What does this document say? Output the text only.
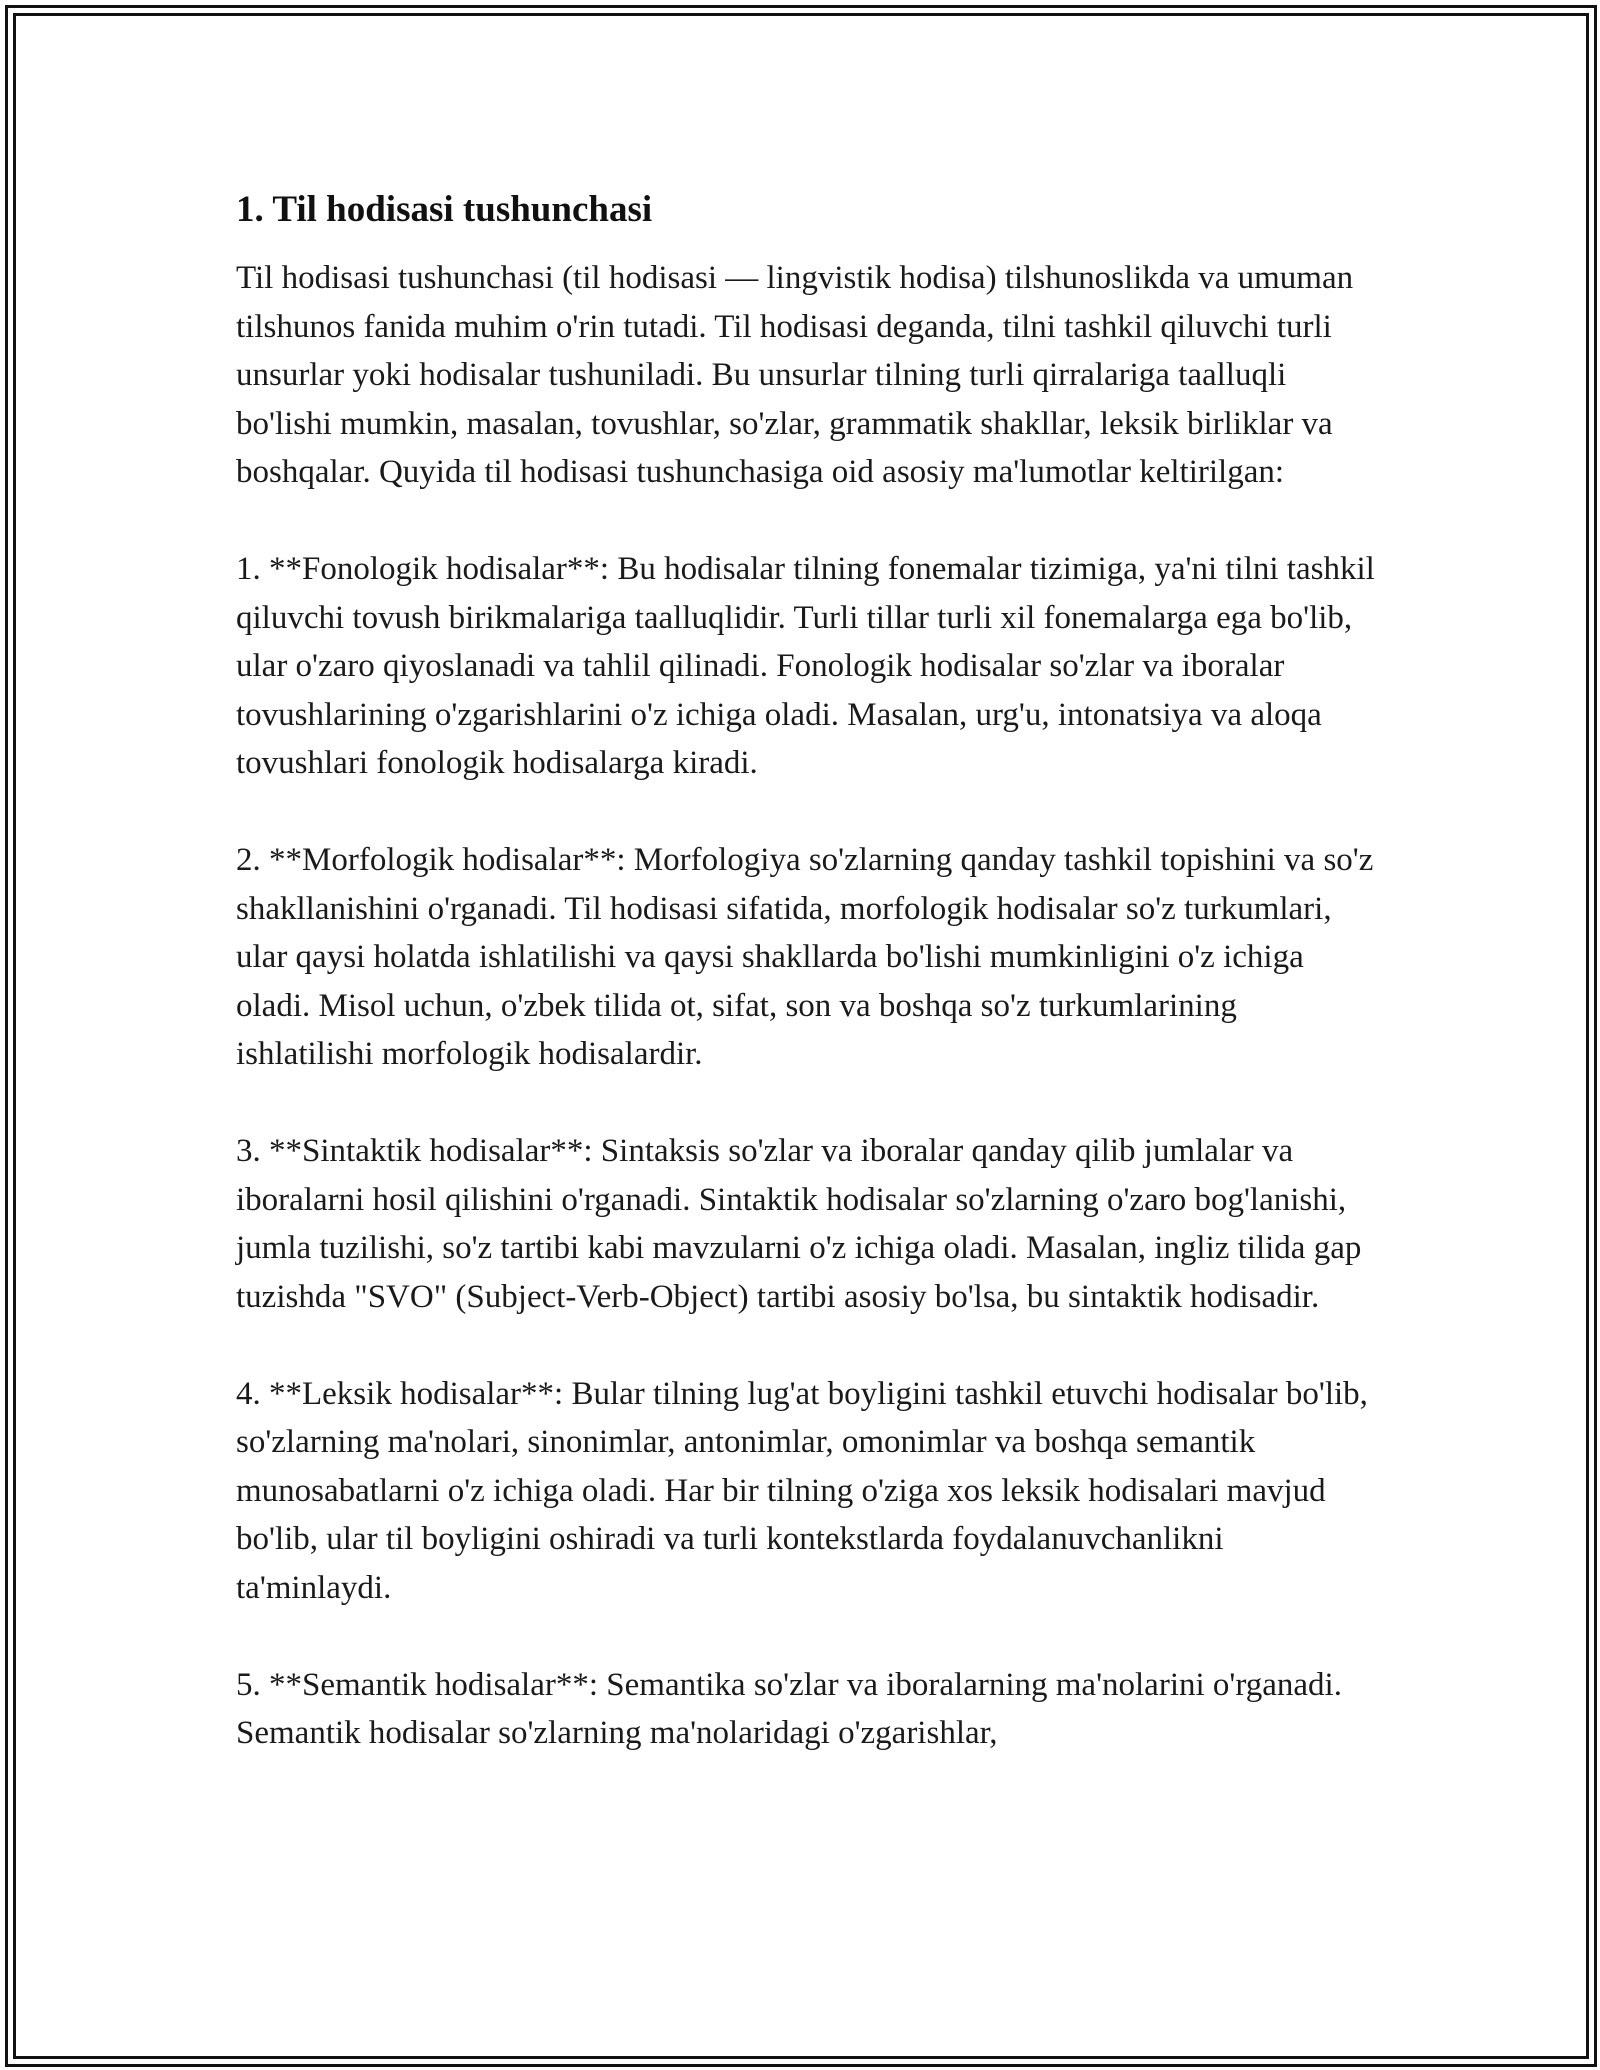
1. Til hodisasi tushunchasi

Til hodisasi tushunchasi (til hodisasi — lingvistik hodisa) tilshunoslikda va umuman tilshunos fanida muhim o'rin tutadi. Til hodisasi deganda, tilni tashkil qiluvchi turli unsurlar yoki hodisalar tushuniladi. Bu unsurlar tilning turli qirralariga taalluqli bo'lishi mumkin, masalan, tovushlar, so'zlar, grammatik shakllar, leksik birliklar va boshqalar. Quyida til hodisasi tushunchasiga oid asosiy ma'lumotlar keltirilgan:

1. **Fonologik hodisalar**: Bu hodisalar tilning fonemalar tizimiga, ya'ni tilni tashkil qiluvchi tovush birikmalariga taalluqlidir. Turli tillar turli xil fonemalarga ega bo'lib, ular o'zaro qiyoslanadi va tahlil qilinadi. Fonologik hodisalar so'zlar va iboralar tovushlarining o'zgarishlarini o'z ichiga oladi. Masalan, urg'u, intonatsiya va aloqa tovushlari fonologik hodisalarga kiradi.

2. **Morfologik hodisalar**: Morfologiya so'zlarning qanday tashkil topishini va so'z shakllanishini o'rganadi. Til hodisasi sifatida, morfologik hodisalar so'z turkumlari, ular qaysi holatda ishlatilishi va qaysi shakllarda bo'lishi mumkinligini o'z ichiga oladi. Misol uchun, o'zbek tilida ot, sifat, son va boshqa so'z turkumlarining ishlatilishi morfologik hodisalardir.

3. **Sintaktik hodisalar**: Sintaksis so'zlar va iboralar qanday qilib jumlalar va iboralarni hosil qilishini o'rganadi. Sintaktik hodisalar so'zlarning o'zaro bog'lanishi, jumla tuzilishi, so'z tartibi kabi mavzularni o'z ichiga oladi. Masalan, ingliz tilida gap tuzishda "SVO" (Subject-Verb-Object) tartibi asosiy bo'lsa, bu sintaktik hodisadir.

4. **Leksik hodisalar**: Bular tilning lug'at boyligini tashkil etuvchi hodisalar bo'lib, so'zlarning ma'nolari, sinonimlar, antonimlar, omonimlar va boshqa semantik munosabatlarni o'z ichiga oladi. Har bir tilning o'ziga xos leksik hodisalari mavjud bo'lib, ular til boyligini oshiradi va turli kontekstlarda foydalanuvchanlikni ta'minlaydi.

5. **Semantik hodisalar**: Semantika so'zlar va iboralarning ma'nolarini o'rganadi. Semantik hodisalar so'zlarning ma'nolaridagi o'zgarishlar,
